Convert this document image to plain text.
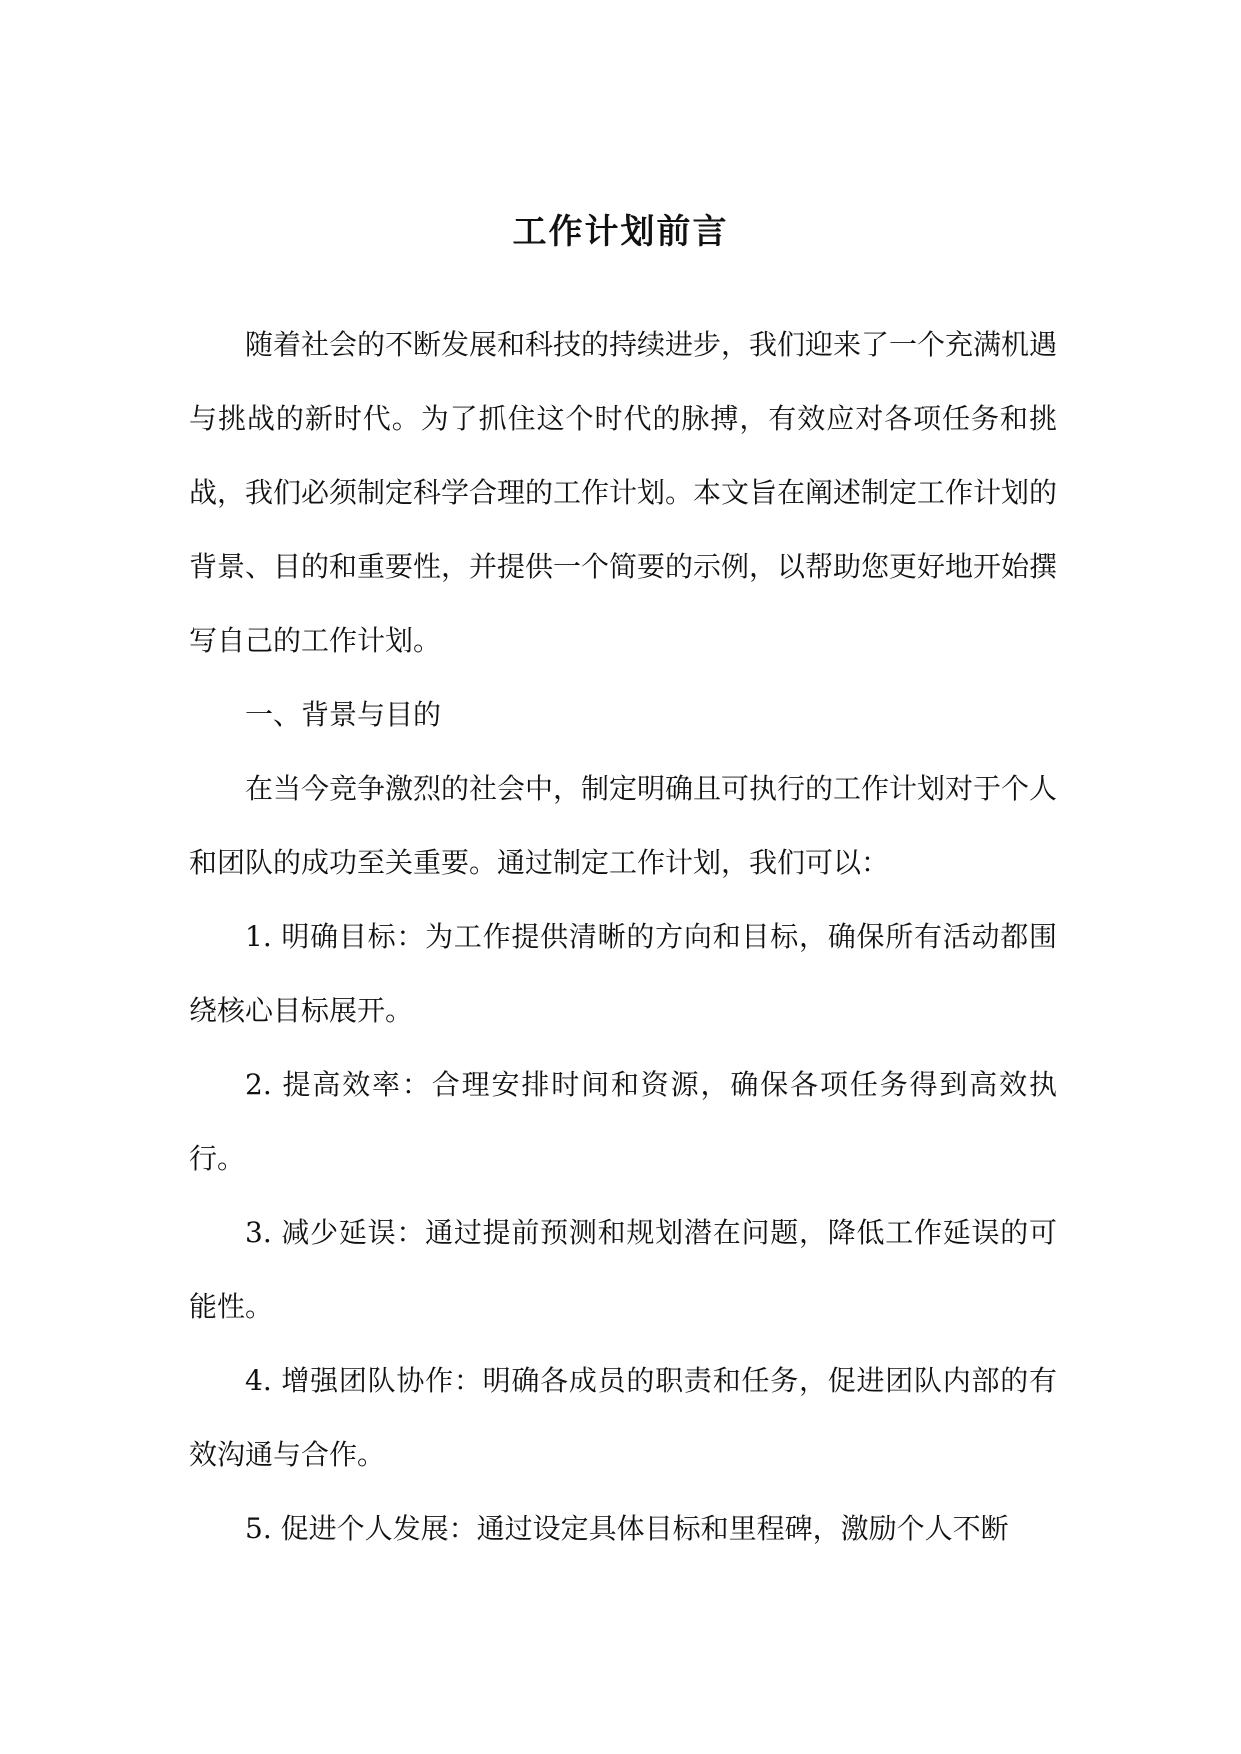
工作计划前言

随着社会的不断发展和科技的持续进步，我们迎来了一个充满机遇与挑战的新时代。为了抓住这个时代的脉搏，有效应对各项任务和挑战，我们必须制定科学合理的工作计划。本文旨在阐述制定工作计划的背景、目的和重要性，并提供一个简要的示例，以帮助您更好地开始撰写自己的工作计划。

一、背景与目的

在当今竞争激烈的社会中，制定明确且可执行的工作计划对于个人和团队的成功至关重要。通过制定工作计划，我们可以：

1. 明确目标：为工作提供清晰的方向和目标，确保所有活动都围绕核心目标展开。

2. 提高效率：合理安排时间和资源，确保各项任务得到高效执行。

3. 减少延误：通过提前预测和规划潜在问题，降低工作延误的可能性。

4. 增强团队协作：明确各成员的职责和任务，促进团队内部的有效沟通与合作。

5. 促进个人发展：通过设定具体目标和里程碑，激励个人不断
